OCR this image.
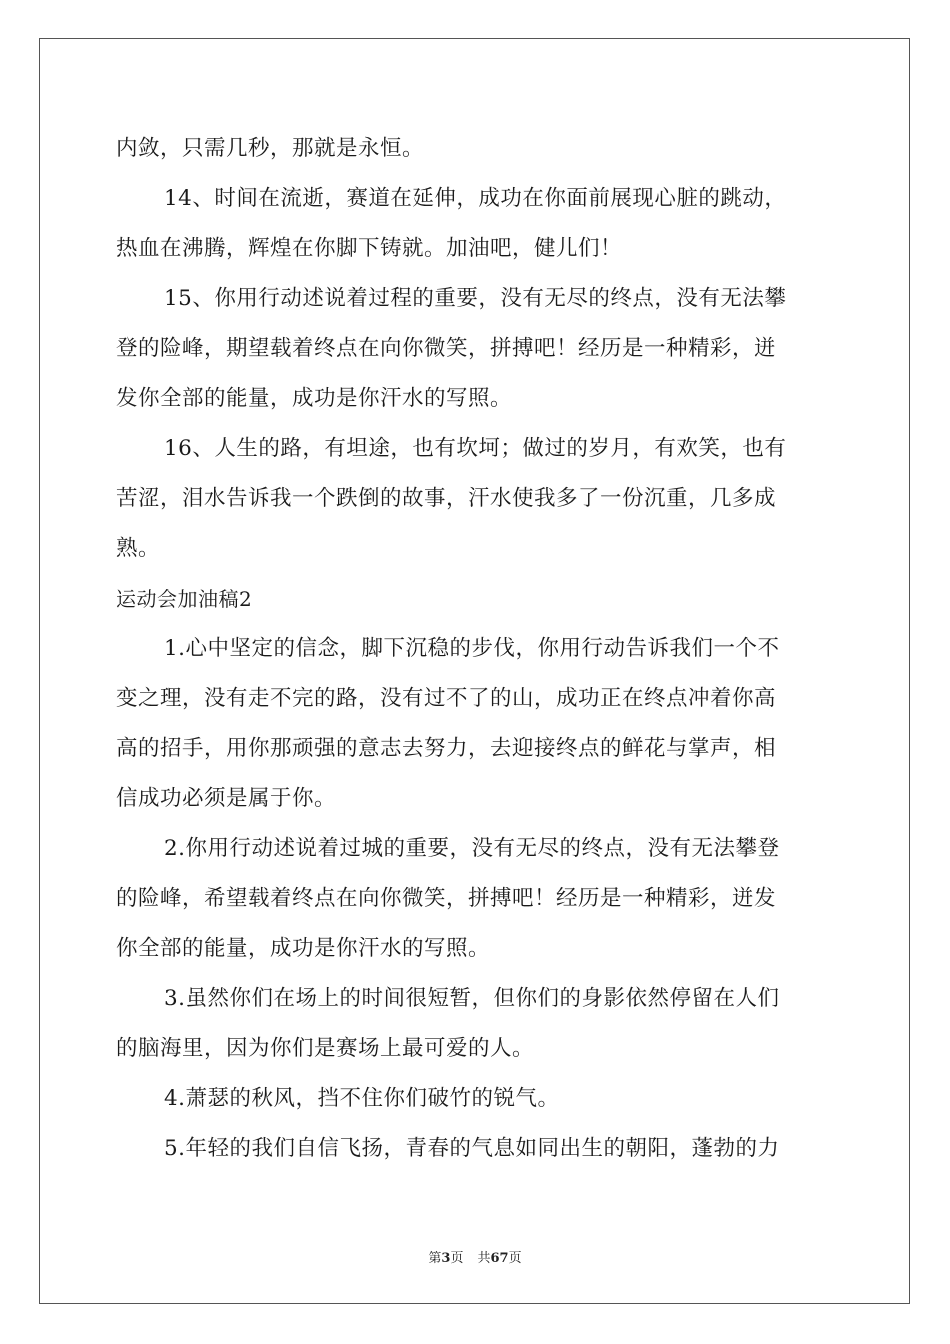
内敛，只需几秒，那就是永恒。
14、时间在流逝，赛道在延伸，成功在你面前展现心脏的跳动，
热血在沸腾，辉煌在你脚下铸就。加油吧，健儿们！
15、你用行动述说着过程的重要，没有无尽的终点，没有无法攀
登的险峰，期望载着终点在向你微笑，拼搏吧！经历是一种精彩，迸
发你全部的能量，成功是你汗水的写照。
16、人生的路，有坦途，也有坎坷；做过的岁月，有欢笑，也有
苦涩，泪水告诉我一个跌倒的故事，汗水使我多了一份沉重，几多成
熟。
运动会加油稿2
1.心中坚定的信念，脚下沉稳的步伐，你用行动告诉我们一个不
变之理，没有走不完的路，没有过不了的山，成功正在终点冲着你高
高的招手，用你那顽强的意志去努力，去迎接终点的鲜花与掌声，相
信成功必须是属于你。
2.你用行动述说着过城的重要，没有无尽的终点，没有无法攀登
的险峰，希望载着终点在向你微笑，拼搏吧！经历是一种精彩，迸发
你全部的能量，成功是你汗水的写照。
3.虽然你们在场上的时间很短暂，但你们的身影依然停留在人们
的脑海里，因为你们是赛场上最可爱的人。
4.萧瑟的秋风，挡不住你们破竹的锐气。
5.年轻的我们自信飞扬，青春的气息如同出生的朝阳，蓬勃的力
第3页 共67页
